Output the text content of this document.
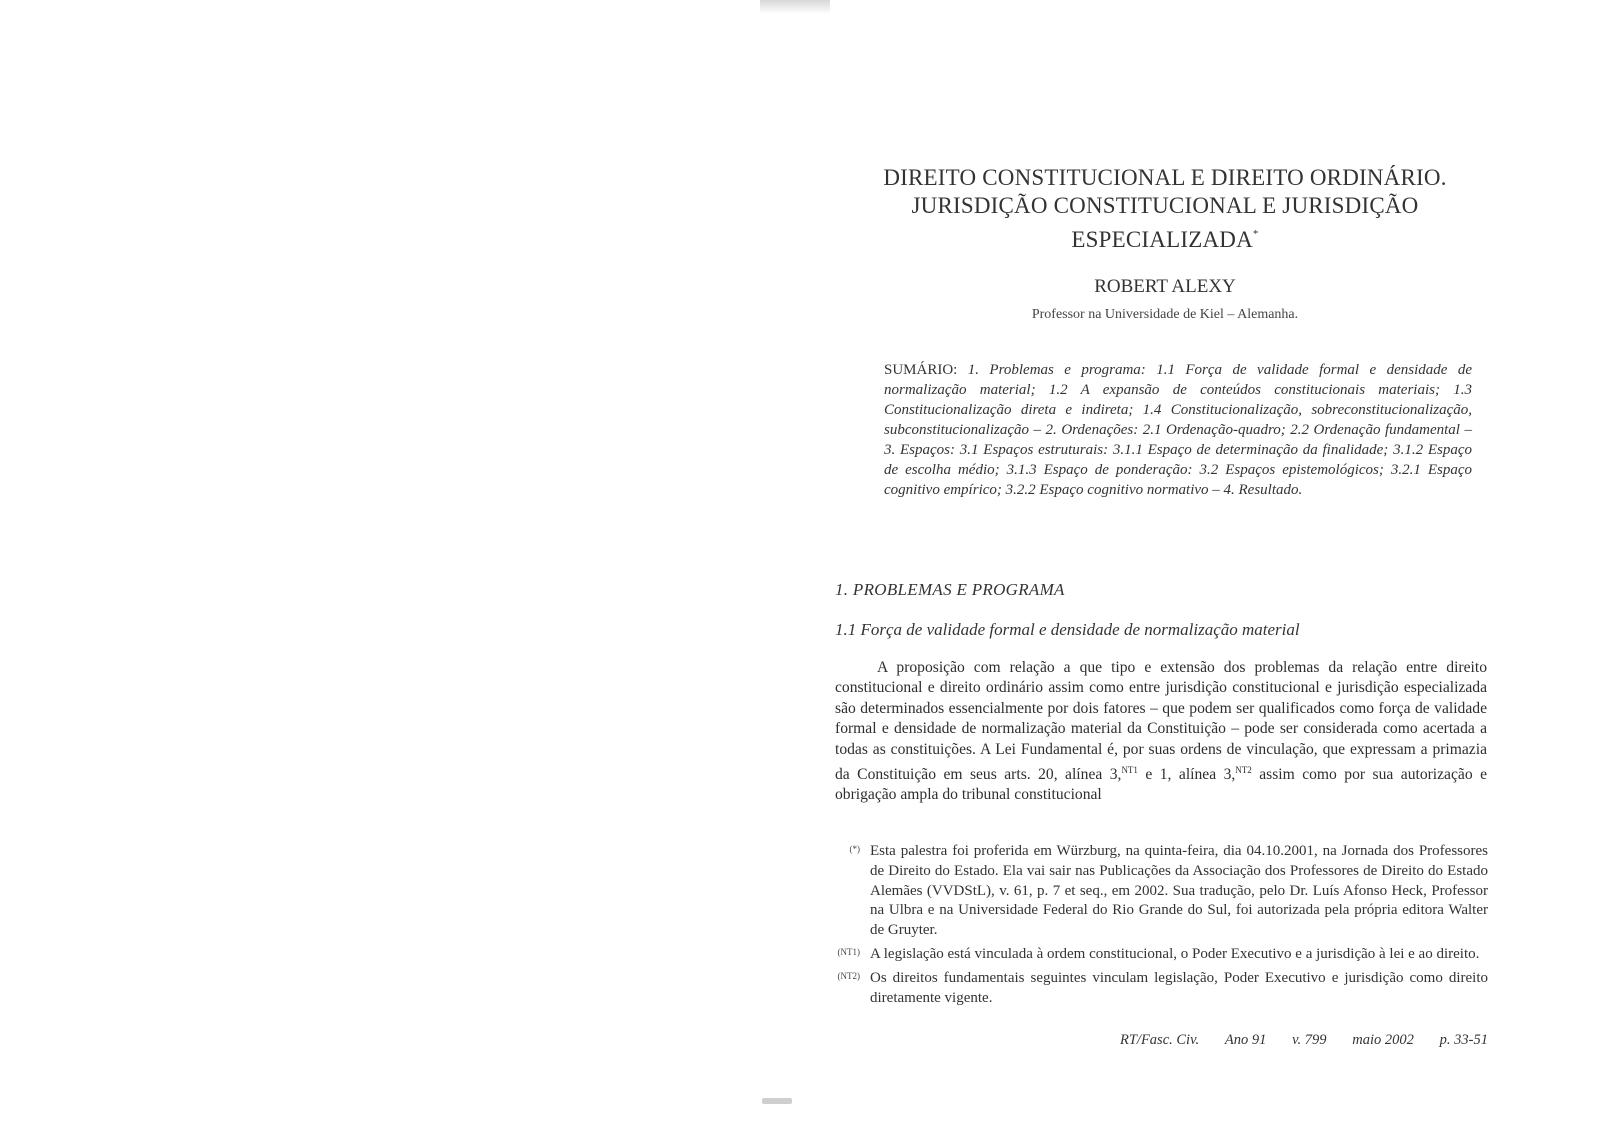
DIREITO CONSTITUCIONAL E DIREITO ORDINÁRIO.
JURISDIÇÃO CONSTITUCIONAL E JURISDIÇÃO
ESPECIALIZADA*
ROBERT ALEXY
Professor na Universidade de Kiel – Alemanha.
SUMÁRIO: 1. Problemas e programa: 1.1 Força de validade formal e densidade de normalização material; 1.2 A expansão de conteúdos constitucionais materiais; 1.3 Constitucionalização direta e indireta; 1.4 Constitucionalização, sobreconstitucionalização, subconstitucionalização – 2. Ordenações: 2.1 Ordenação-quadro; 2.2 Ordenação fundamental – 3. Espaços: 3.1 Espaços estruturais: 3.1.1 Espaço de determinação da finalidade; 3.1.2 Espaço de escolha médio; 3.1.3 Espaço de ponderação: 3.2 Espaços epistemológicos; 3.2.1 Espaço cognitivo empírico; 3.2.2 Espaço cognitivo normativo – 4. Resultado.
1. PROBLEMAS E PROGRAMA
1.1 Força de validade formal e densidade de normalização material
A proposição com relação a que tipo e extensão dos problemas da relação entre direito constitucional e direito ordinário assim como entre jurisdição constitucional e jurisdição especializada são determinados essencialmente por dois fatores – que podem ser qualificados como força de validade formal e densidade de normalização material da Constituição – pode ser considerada como acertada a todas as constituições. A Lei Fundamental é, por suas ordens de vinculação, que expressam a primazia da Constituição em seus arts. 20, alínea 3,$^{NT1}$ e 1, alínea 3,$^{NT2}$ assim como por sua autorização e obrigação ampla do tribunal constitucional
(*) Esta palestra foi proferida em Würzburg, na quinta-feira, dia 04.10.2001, na Jornada dos Professores de Direito do Estado. Ela vai sair nas Publicações da Associação dos Professores de Direito do Estado Alemães (VVDStL), v. 61, p. 7 et seq., em 2002. Sua tradução, pelo Dr. Luís Afonso Heck, Professor na Ulbra e na Universidade Federal do Rio Grande do Sul, foi autorizada pela própria editora Walter de Gruyter.
(NT1) A legislação está vinculada à ordem constitucional, o Poder Executivo e a jurisdição à lei e ao direito.
(NT2) Os direitos fundamentais seguintes vinculam legislação, Poder Executivo e jurisdição como direito diretamente vigente.
RT/Fasc. Civ. Ano 91 v. 799 maio 2002 p. 33-51
